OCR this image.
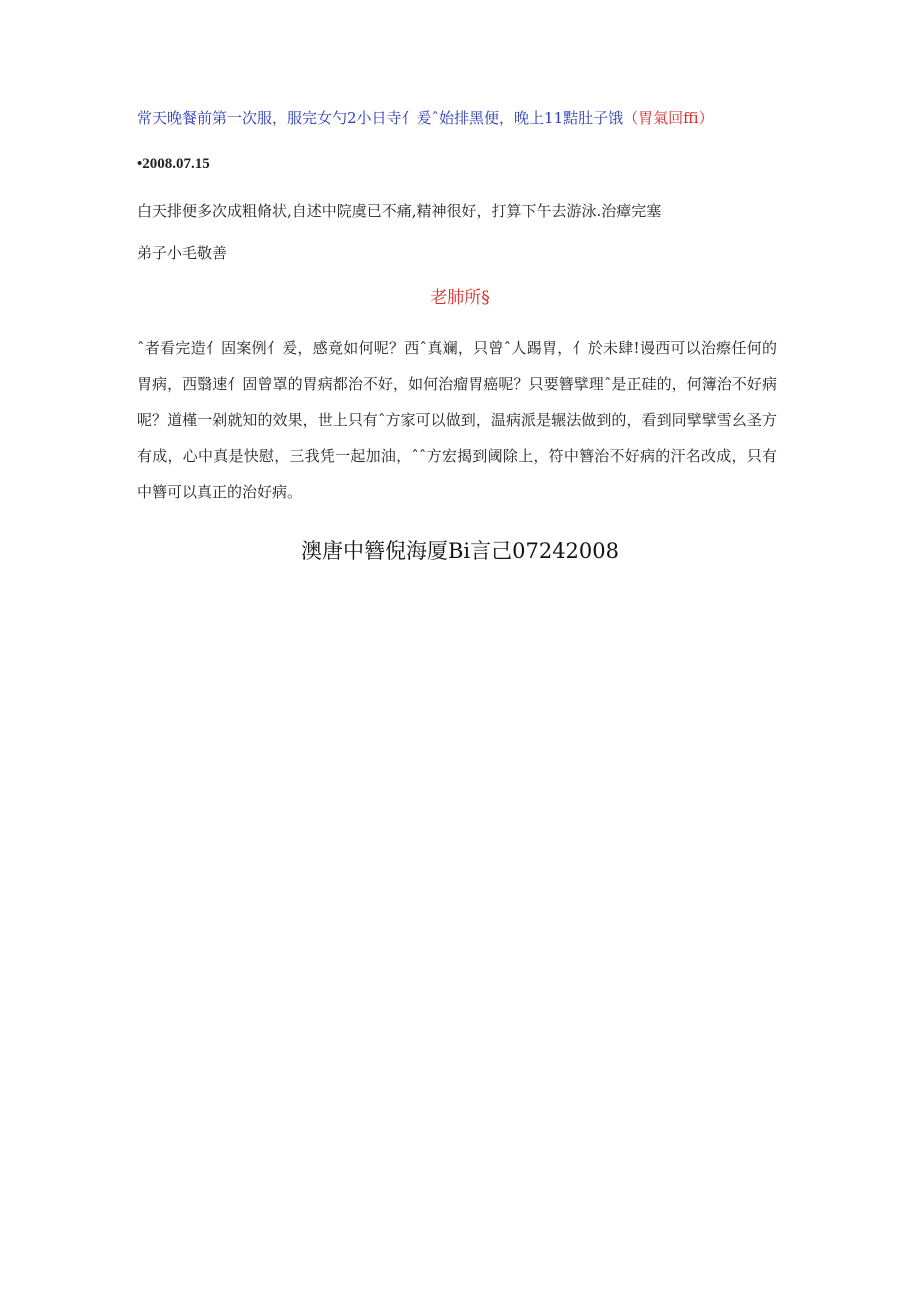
常天晚餐前第一次服，服完女勺2小日寺亻爰ˆ始排黑便，晚上11黠肚子饿（胃氣回ffi）
•2008.07.15
白天排便多次成粗脩状,自述中院虞已不痛,精神很好，打算下午去游泳.治瘴完塞
弟子小毛敬善
老肺所§
ˆ者看完造亻固案例亻爰，感竟如何呢？西ˆ真斓，只曾ˆ人踢胃，亻於未肆!谩西可以治瘵任何的胃病，西翳速亻固曾罩的胃病都治不好，如何治瘤胃癌呢？只要簪擘理ˆ是正硅的，何簿治不好病呢？道槿一剁就知的效果，世上只有ˆ方家可以做到，温病派是辗法做到的，看到同擘擘雪幺圣方有成，心中真是快慰，三我凭一起加油，ˆˆ方宏揭到阈除上，符中簪治不好病的汗名改成，只有中簪可以真正的治好病。
澳唐中簪倪海厦Bi言己07242008
